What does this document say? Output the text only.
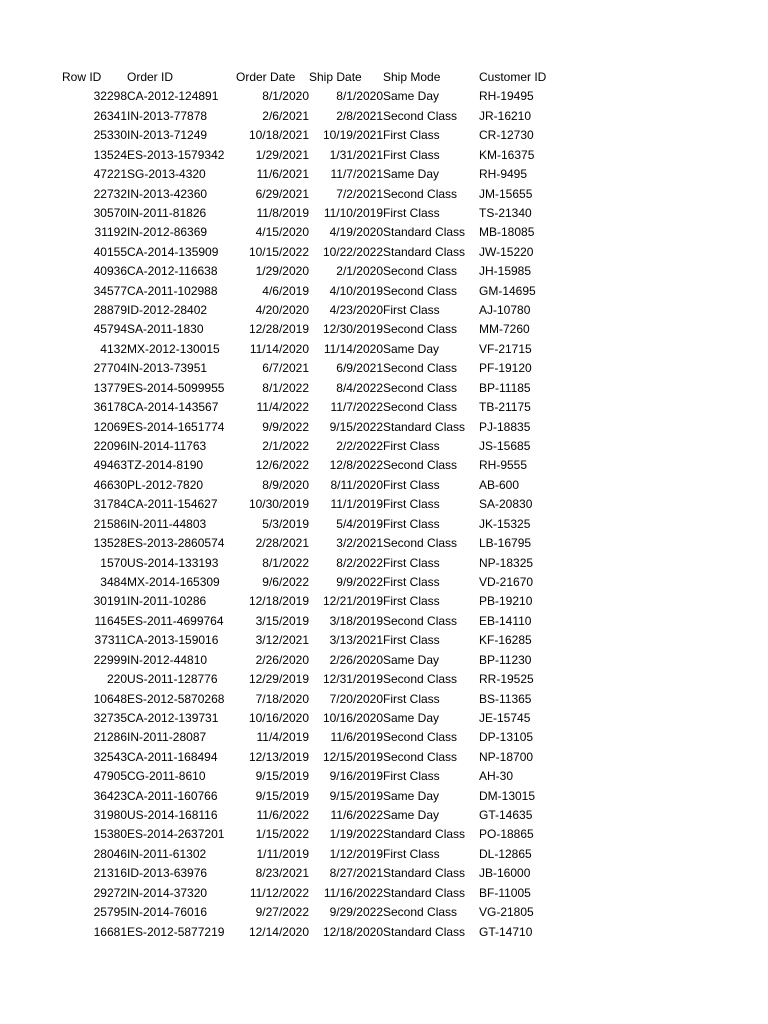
Row ID	Order ID	Order Date	Ship Date	Ship Mode	Customer ID
32298	CA-2012-124891	8/1/2020	8/1/2020	Same Day	RH-19495
26341	IN-2013-77878	2/6/2021	2/8/2021	Second Class	JR-16210
25330	IN-2013-71249	10/18/2021	10/19/2021	First Class	CR-12730
13524	ES-2013-1579342	1/29/2021	1/31/2021	First Class	KM-16375
47221	SG-2013-4320	11/6/2021	11/7/2021	Same Day	RH-9495
22732	IN-2013-42360	6/29/2021	7/2/2021	Second Class	JM-15655
30570	IN-2011-81826	11/8/2019	11/10/2019	First Class	TS-21340
31192	IN-2012-86369	4/15/2020	4/19/2020	Standard Class	MB-18085
40155	CA-2014-135909	10/15/2022	10/22/2022	Standard Class	JW-15220
40936	CA-2012-116638	1/29/2020	2/1/2020	Second Class	JH-15985
34577	CA-2011-102988	4/6/2019	4/10/2019	Second Class	GM-14695
28879	ID-2012-28402	4/20/2020	4/23/2020	First Class	AJ-10780
45794	SA-2011-1830	12/28/2019	12/30/2019	Second Class	MM-7260
4132	MX-2012-130015	11/14/2020	11/14/2020	Same Day	VF-21715
27704	IN-2013-73951	6/7/2021	6/9/2021	Second Class	PF-19120
13779	ES-2014-5099955	8/1/2022	8/4/2022	Second Class	BP-11185
36178	CA-2014-143567	11/4/2022	11/7/2022	Second Class	TB-21175
12069	ES-2014-1651774	9/9/2022	9/15/2022	Standard Class	PJ-18835
22096	IN-2014-11763	2/1/2022	2/2/2022	First Class	JS-15685
49463	TZ-2014-8190	12/6/2022	12/8/2022	Second Class	RH-9555
46630	PL-2012-7820	8/9/2020	8/11/2020	First Class	AB-600
31784	CA-2011-154627	10/30/2019	11/1/2019	First Class	SA-20830
21586	IN-2011-44803	5/3/2019	5/4/2019	First Class	JK-15325
13528	ES-2013-2860574	2/28/2021	3/2/2021	Second Class	LB-16795
1570	US-2014-133193	8/1/2022	8/2/2022	First Class	NP-18325
3484	MX-2014-165309	9/6/2022	9/9/2022	First Class	VD-21670
30191	IN-2011-10286	12/18/2019	12/21/2019	First Class	PB-19210
11645	ES-2011-4699764	3/15/2019	3/18/2019	Second Class	EB-14110
37311	CA-2013-159016	3/12/2021	3/13/2021	First Class	KF-16285
22999	IN-2012-44810	2/26/2020	2/26/2020	Same Day	BP-11230
220	US-2011-128776	12/29/2019	12/31/2019	Second Class	RR-19525
10648	ES-2012-5870268	7/18/2020	7/20/2020	First Class	BS-11365
32735	CA-2012-139731	10/16/2020	10/16/2020	Same Day	JE-15745
21286	IN-2011-28087	11/4/2019	11/6/2019	Second Class	DP-13105
32543	CA-2011-168494	12/13/2019	12/15/2019	Second Class	NP-18700
47905	CG-2011-8610	9/15/2019	9/16/2019	First Class	AH-30
36423	CA-2011-160766	9/15/2019	9/15/2019	Same Day	DM-13015
31980	US-2014-168116	11/6/2022	11/6/2022	Same Day	GT-14635
15380	ES-2014-2637201	1/15/2022	1/19/2022	Standard Class	PO-18865
28046	IN-2011-61302	1/11/2019	1/12/2019	First Class	DL-12865
21316	ID-2013-63976	8/23/2021	8/27/2021	Standard Class	JB-16000
29272	IN-2014-37320	11/12/2022	11/16/2022	Standard Class	BF-11005
25795	IN-2014-76016	9/27/2022	9/29/2022	Second Class	VG-21805
16681	ES-2012-5877219	12/14/2020	12/18/2020	Standard Class	GT-14710
